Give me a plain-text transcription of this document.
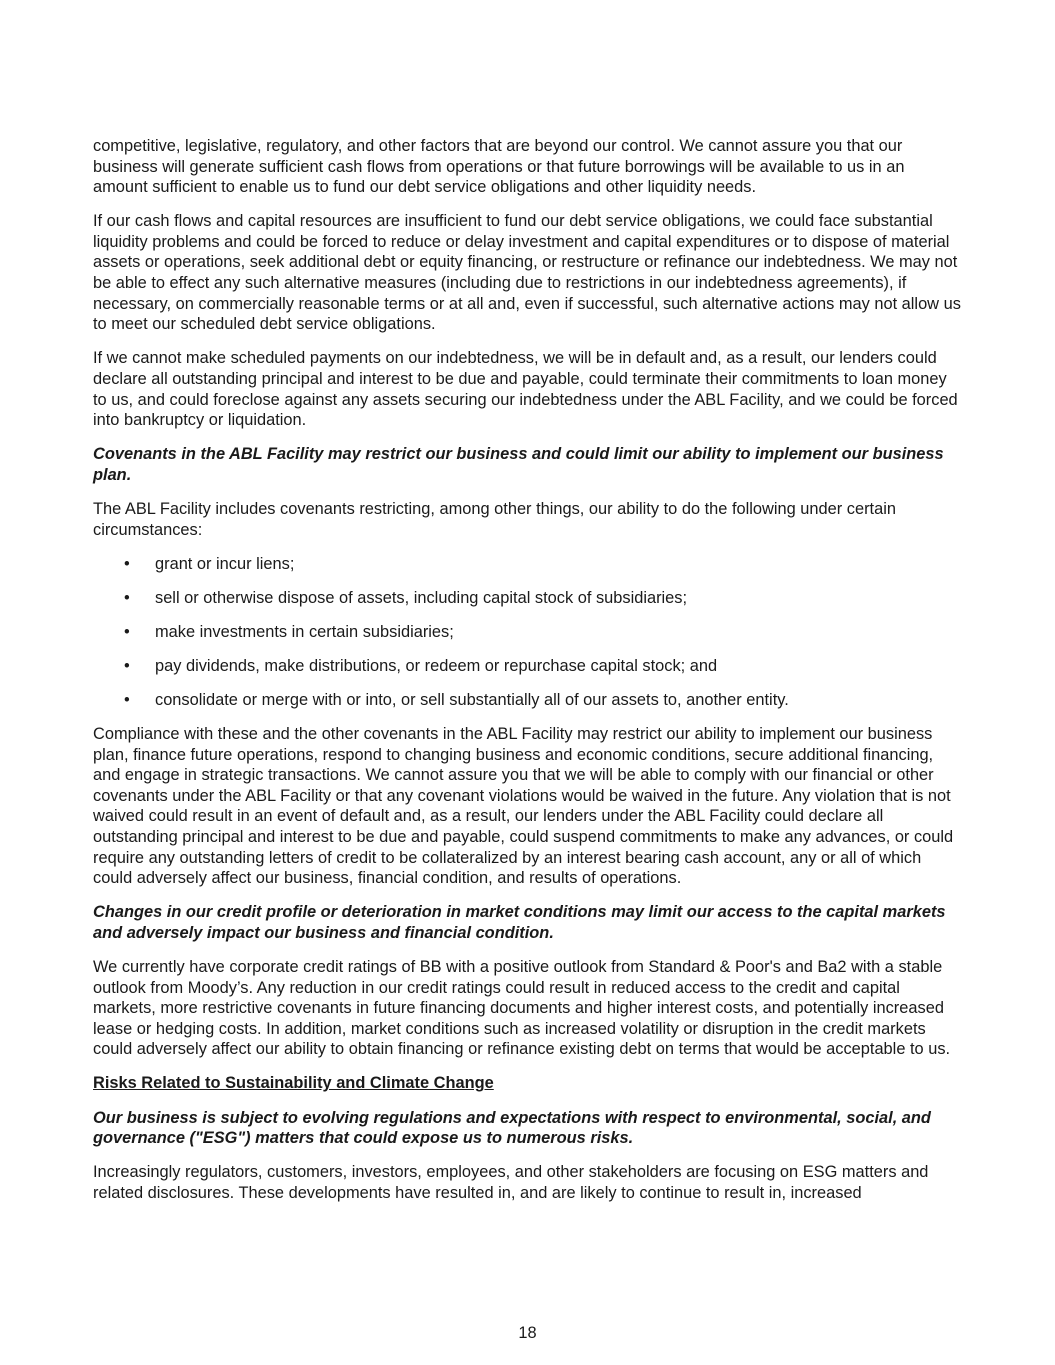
competitive, legislative, regulatory, and other factors that are beyond our control. We cannot assure you that our business will generate sufficient cash flows from operations or that future borrowings will be available to us in an amount sufficient to enable us to fund our debt service obligations and other liquidity needs.

If our cash flows and capital resources are insufficient to fund our debt service obligations, we could face substantial liquidity problems and could be forced to reduce or delay investment and capital expenditures or to dispose of material assets or operations, seek additional debt or equity financing, or restructure or refinance our indebtedness. We may not be able to effect any such alternative measures (including due to restrictions in our indebtedness agreements), if necessary, on commercially reasonable terms or at all and, even if successful, such alternative actions may not allow us to meet our scheduled debt service obligations.

If we cannot make scheduled payments on our indebtedness, we will be in default and, as a result, our lenders could declare all outstanding principal and interest to be due and payable, could terminate their commitments to loan money to us, and could foreclose against any assets securing our indebtedness under the ABL Facility, and we could be forced into bankruptcy or liquidation.

Covenants in the ABL Facility may restrict our business and could limit our ability to implement our business plan.

The ABL Facility includes covenants restricting, among other things, our ability to do the following under certain circumstances:

• grant or incur liens;
• sell or otherwise dispose of assets, including capital stock of subsidiaries;
• make investments in certain subsidiaries;
• pay dividends, make distributions, or redeem or repurchase capital stock; and
• consolidate or merge with or into, or sell substantially all of our assets to, another entity.

Compliance with these and the other covenants in the ABL Facility may restrict our ability to implement our business plan, finance future operations, respond to changing business and economic conditions, secure additional financing, and engage in strategic transactions. We cannot assure you that we will be able to comply with our financial or other covenants under the ABL Facility or that any covenant violations would be waived in the future. Any violation that is not waived could result in an event of default and, as a result, our lenders under the ABL Facility could declare all outstanding principal and interest to be due and payable, could suspend commitments to make any advances, or could require any outstanding letters of credit to be collateralized by an interest bearing cash account, any or all of which could adversely affect our business, financial condition, and results of operations.

Changes in our credit profile or deterioration in market conditions may limit our access to the capital markets and adversely impact our business and financial condition.

We currently have corporate credit ratings of BB with a positive outlook from Standard & Poor's and Ba2 with a stable outlook from Moody’s. Any reduction in our credit ratings could result in reduced access to the credit and capital markets, more restrictive covenants in future financing documents and higher interest costs, and potentially increased lease or hedging costs. In addition, market conditions such as increased volatility or disruption in the credit markets could adversely affect our ability to obtain financing or refinance existing debt on terms that would be acceptable to us.

Risks Related to Sustainability and Climate Change

Our business is subject to evolving regulations and expectations with respect to environmental, social, and governance ("ESG") matters that could expose us to numerous risks.

Increasingly regulators, customers, investors, employees, and other stakeholders are focusing on ESG matters and related disclosures. These developments have resulted in, and are likely to continue to result in, increased

18
